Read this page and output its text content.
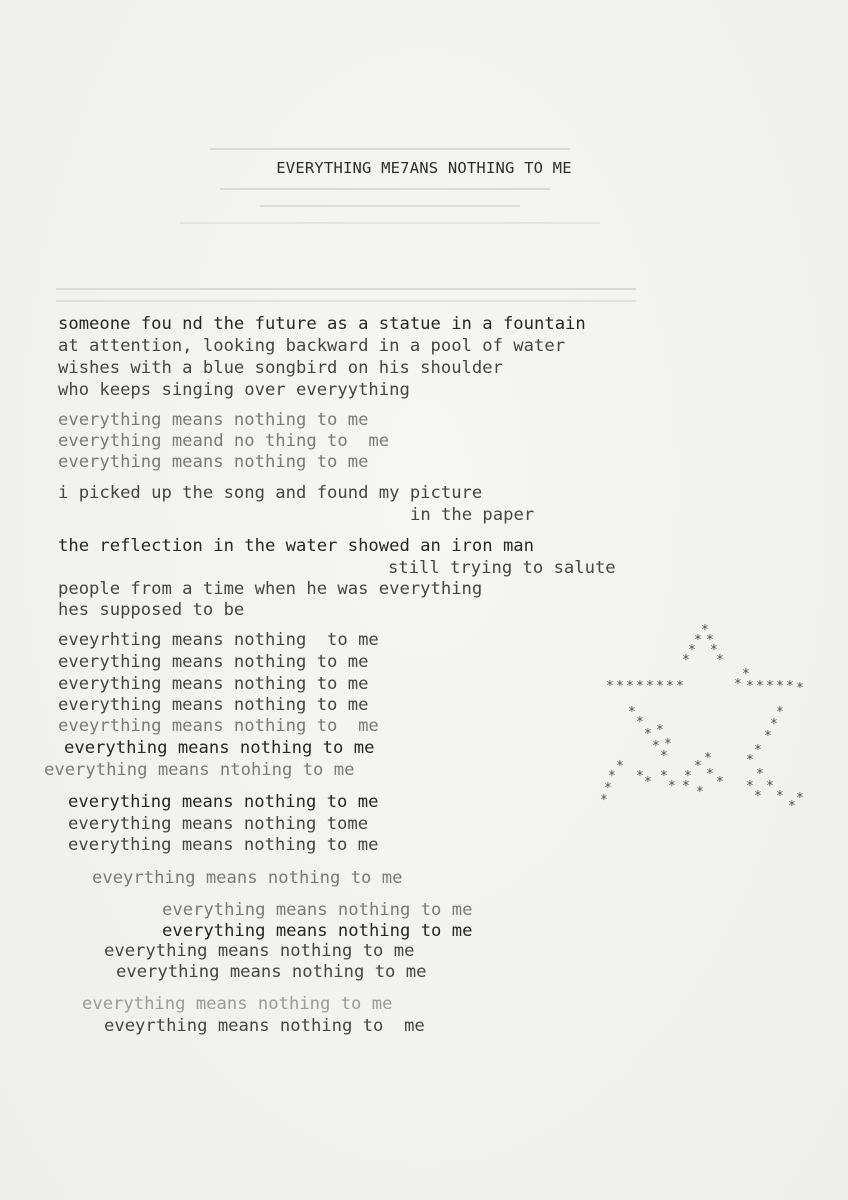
EVERYTHING ME7ANS NOTHING TO ME
someone fou nd the future as a statue in a fountain
at attention, looking backward in a pool of water
wishes with a blue songbird on his shoulder
who keeps singing over everyything
everything means nothing to me
everything meand no thing to  me
everything means nothing to me
i picked up the song and found my picture
in the paper
the reflection in the water showed an iron man
still trying to salute
people from a time when he was everything
hes supposed to be
eveyrhting means nothing  to me
everything means nothing to me
everything means nothing to me
everything means nothing to me
eveyrthing means nothing to  me
everything means nothing to me
everything means ntohing to me
everything means nothing to me
everything means nothing tome
everything means nothing to me
eveyrthing means nothing to me
everything means nothing to me
everything means nothing to me
everything means nothing to me
everything means nothing to me
everything means nothing to me
eveyrthing means nothing to  me
*
* *
* *
* *
* * * * * * * *	*
*
* * * * * *
*
*
*
*
*
*
*
*
*
*
*
*
*
*
*
*
*
*
*
*
*
*
*
*
*
*
* * *
*	*
*
* *
